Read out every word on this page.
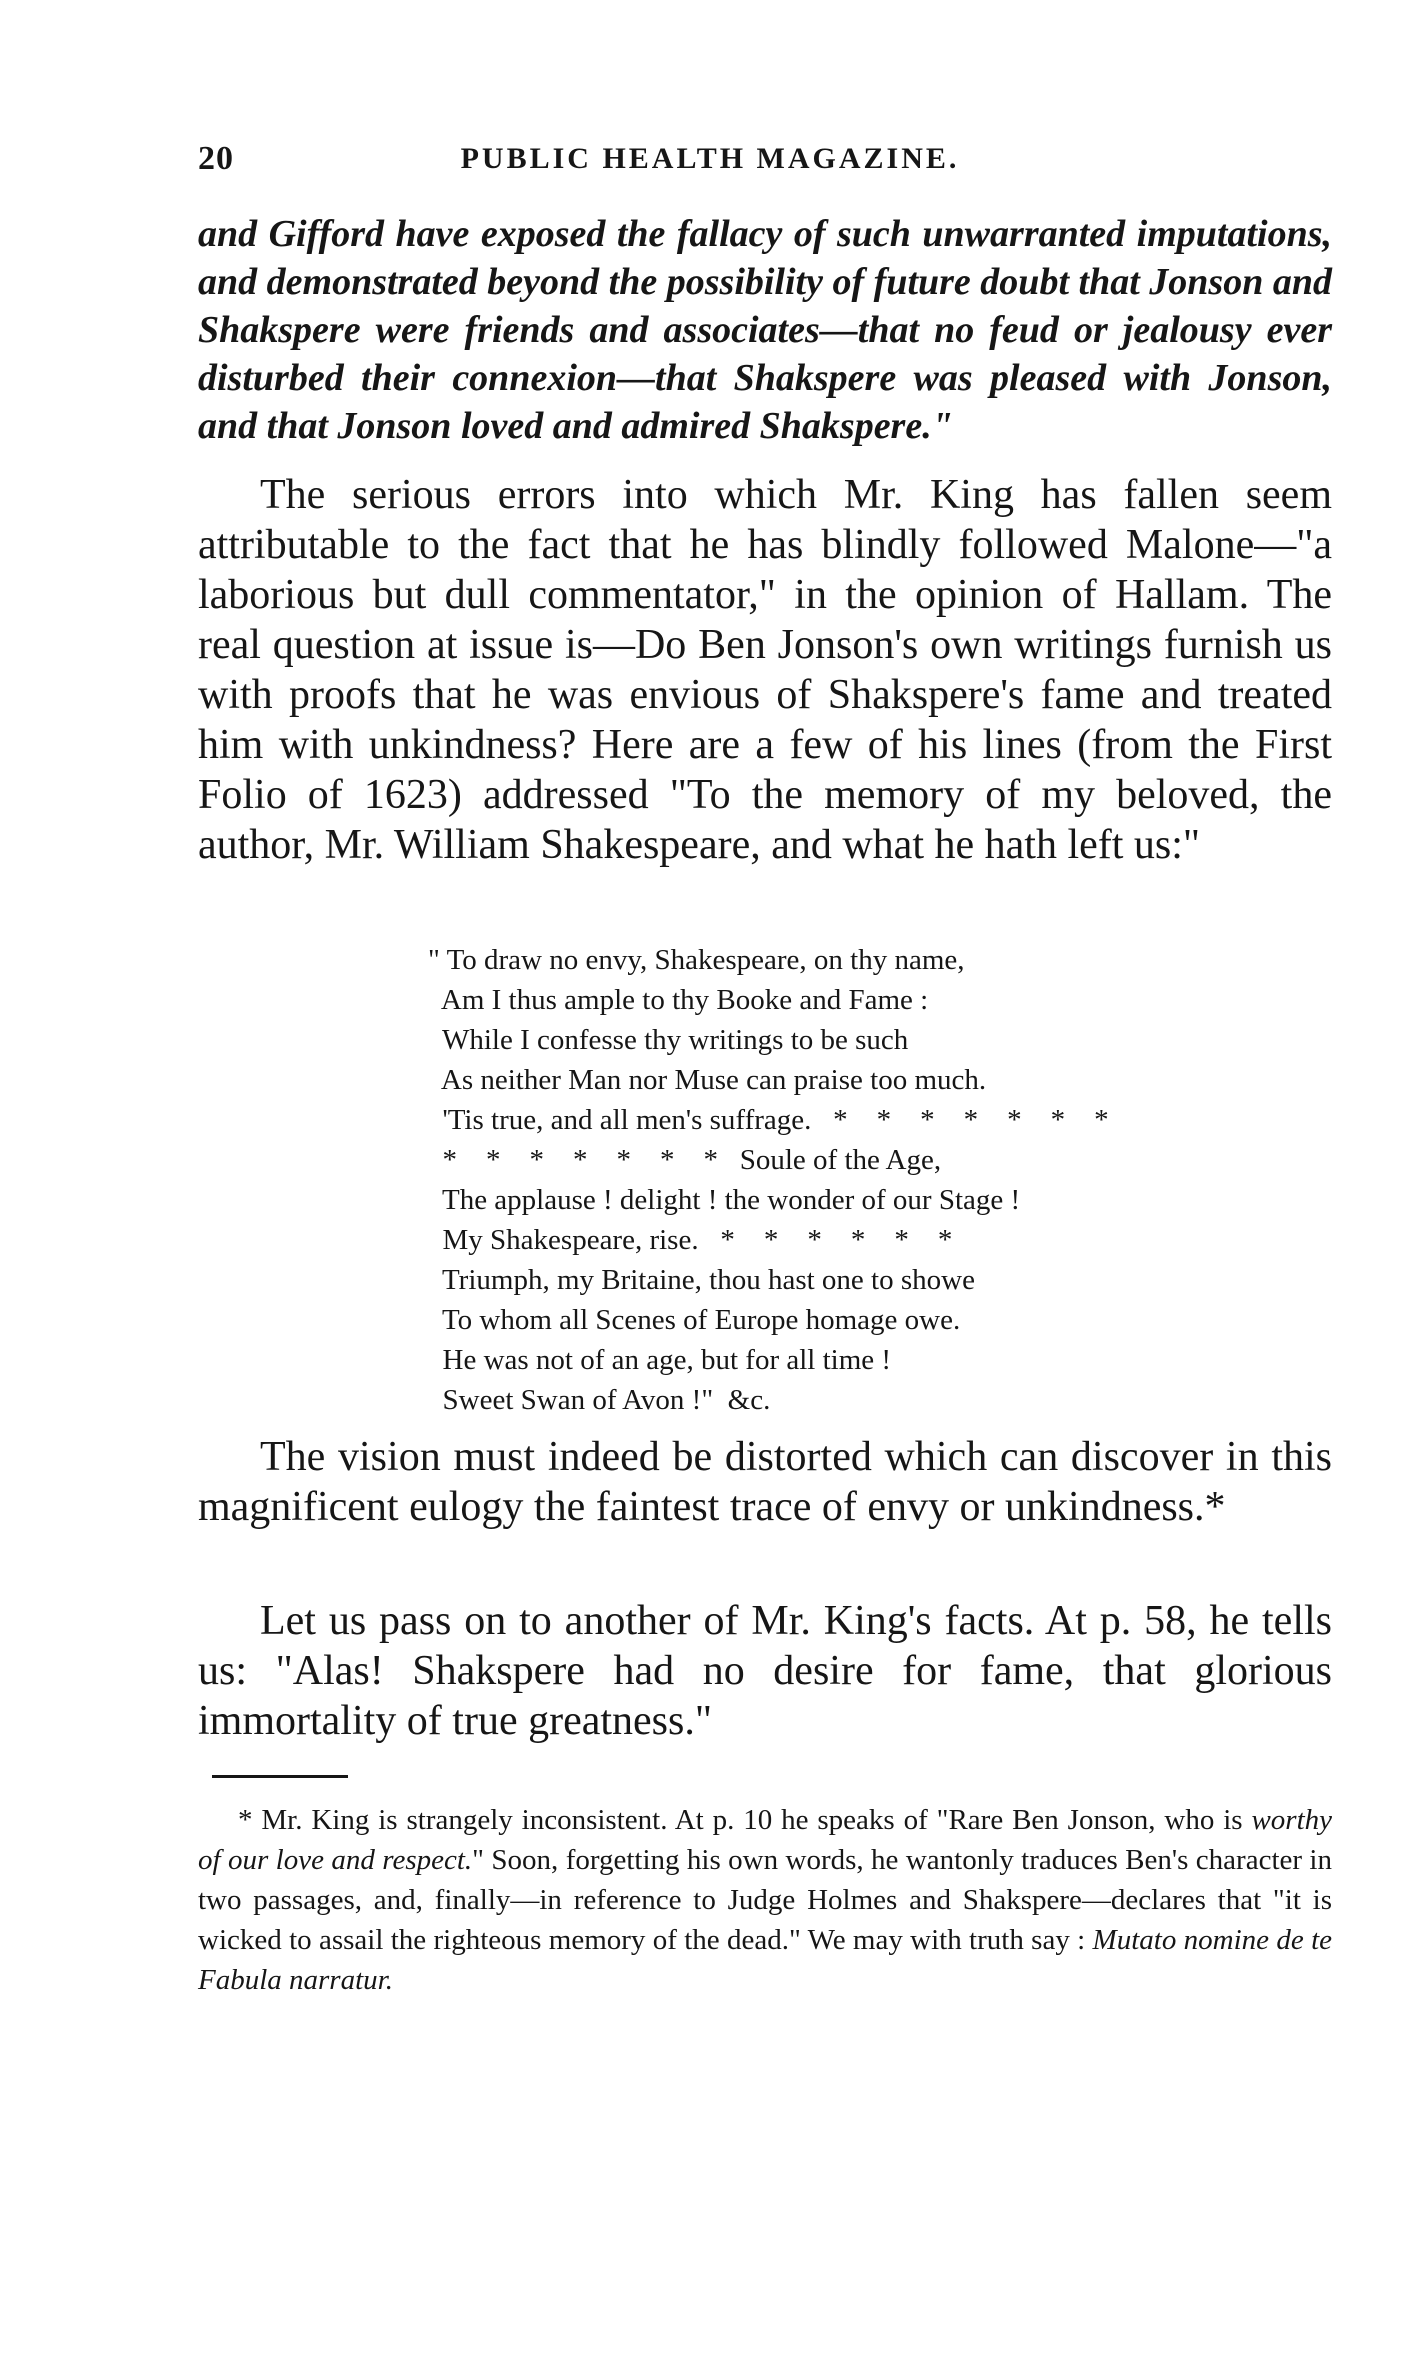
20	PUBLIC HEALTH MAGAZINE.

and Gifford have exposed the fallacy of such unwarranted imputations, and demonstrated beyond the possibility of future doubt that Jonson and Shakspere were friends and associates—that no feud or jealousy ever disturbed their connexion—that Shakspere was pleased with Jonson, and that Jonson loved and admired Shakspere."

The serious errors into which Mr. King has fallen seem attributable to the fact that he has blindly followed Malone—"a laborious but dull commentator," in the opinion of Hallam. The real question at issue is—Do Ben Jonson's own writings furnish us with proofs that he was envious of Shakspere's fame and treated him with unkindness? Here are a few of his lines (from the First Folio of 1623) addressed "To the memory of my beloved, the author, Mr. William Shakespeare, and what he hath left us:"

" To draw no envy, Shakespeare, on thy name,
Am I thus ample to thy Booke and Fame :
While I confesse thy writings to be such
As neither Man nor Muse can praise too much.
'Tis true, and all men's suffrage.   *    *    *    *    *    *    *
*    *    *    *    *    *    *   Soule of the Age,
The applause ! delight ! the wonder of our Stage !
My Shakespeare, rise.   *    *    *    *    *    *
Triumph, my Britaine, thou hast one to showe
To whom all Scenes of Europe homage owe.
He was not of an age, but for all time !
Sweet Swan of Avon !"  &c.

The vision must indeed be distorted which can discover in this magnificent eulogy the faintest trace of envy or unkindness.*

Let us pass on to another of Mr. King's facts. At p. 58, he tells us: "Alas! Shakspere had no desire for fame, that glorious immortality of true greatness."

* Mr. King is strangely inconsistent. At p. 10 he speaks of "Rare Ben Jonson, who is worthy of our love and respect." Soon, forgetting his own words, he wantonly traduces Ben's character in two passages, and, finally—in reference to Judge Holmes and Shakspere—declares that "it is wicked to assail the righteous memory of the dead." We may with truth say : Mutato nomine de te Fabula narratur.
